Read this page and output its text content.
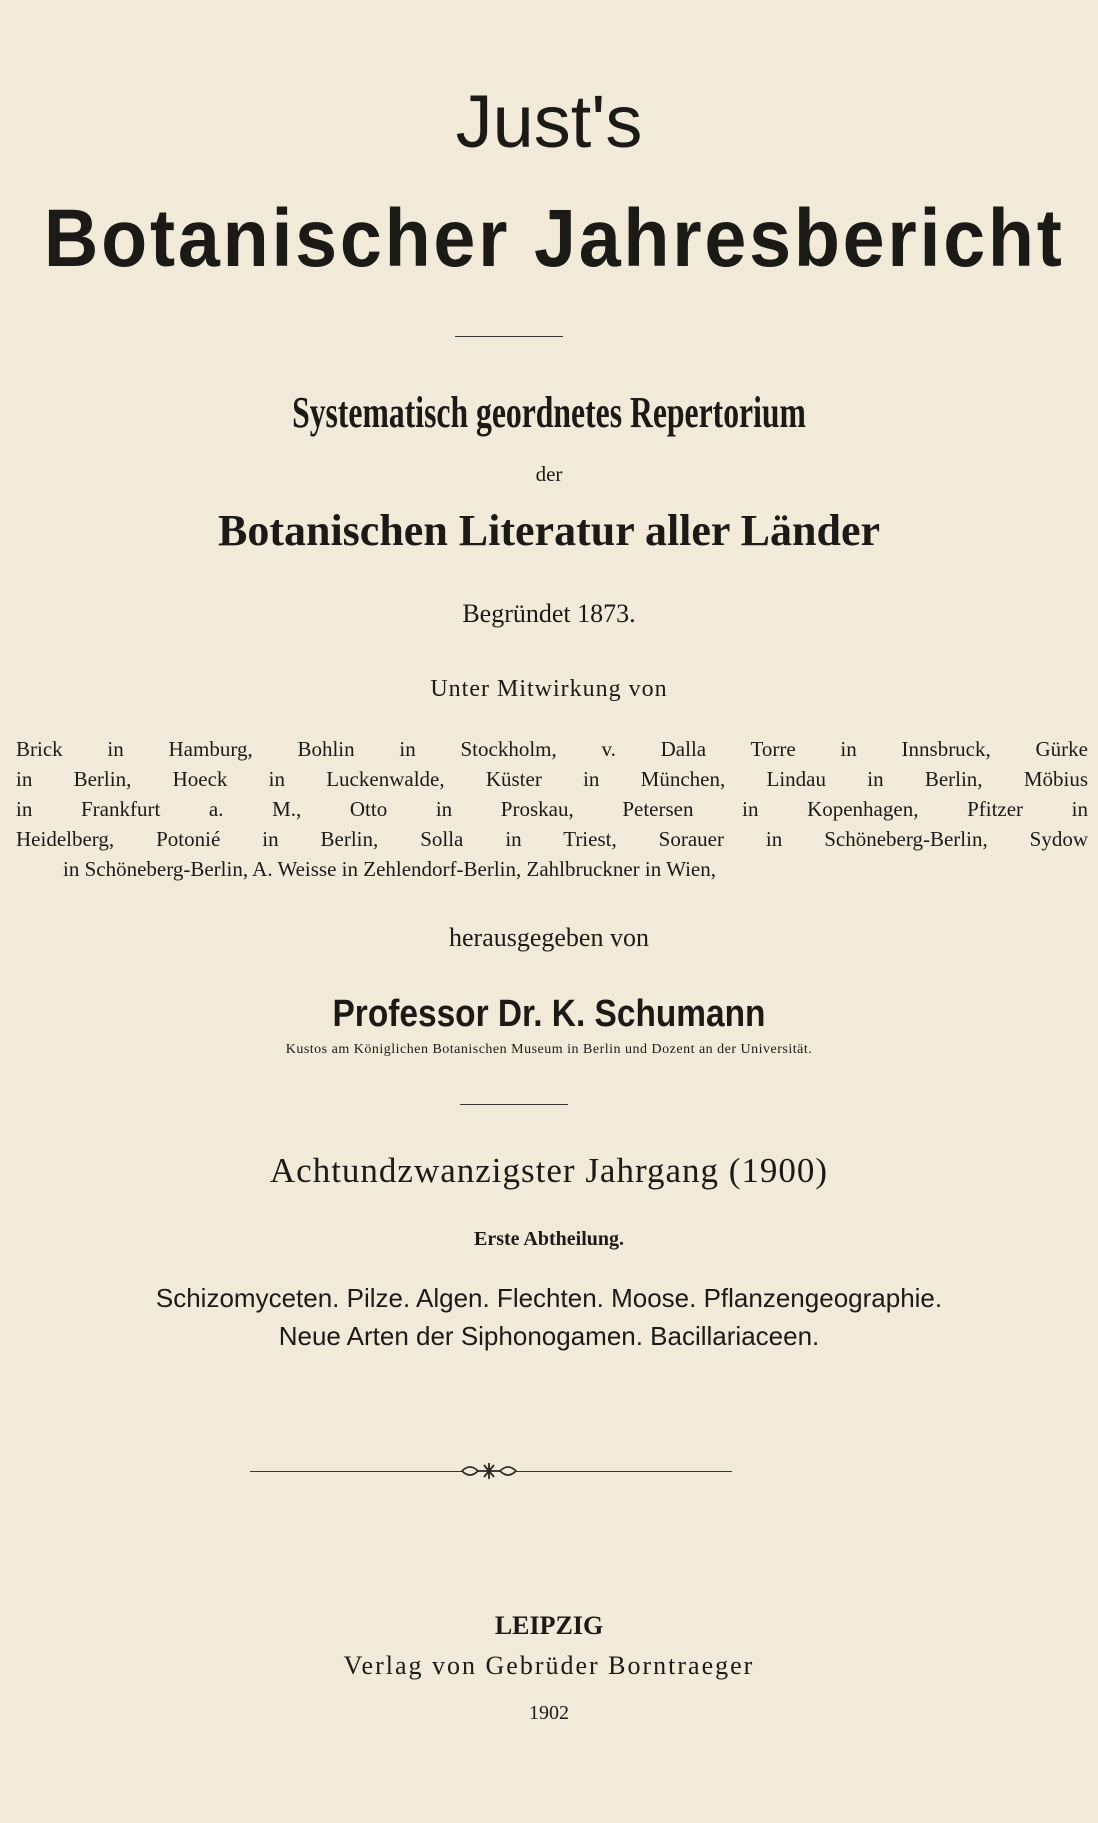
Just's
Botanischer Jahresbericht
Systematisch geordnetes Repertorium
der
Botanischen Literatur aller Länder
Begründet 1873.
Unter Mitwirkung von
Brick in Hamburg, Bohlin in Stockholm, v. Dalla Torre in Innsbruck, Gürke
in Berlin, Hoeck in Luckenwalde, Küster in München, Lindau in Berlin, Möbius
in Frankfurt a. M., Otto in Proskau, Petersen in Kopenhagen, Pfitzer in
Heidelberg, Potonié in Berlin, Solla in Triest, Sorauer in Schöneberg-Berlin, Sydow
in Schöneberg-Berlin, A. Weisse in Zehlendorf-Berlin, Zahlbruckner in Wien,
herausgegeben von
Professor Dr. K. Schumann
Kustos am Königlichen Botanischen Museum in Berlin und Dozent an der Universität.
Achtundzwanzigster Jahrgang (1900)
Erste Abtheilung.
Schizomyceten. Pilze. Algen. Flechten. Moose. Pflanzengeographie.
Neue Arten der Siphonogamen. Bacillariaceen.
LEIPZIG
Verlag von Gebrüder Borntraeger
1902
